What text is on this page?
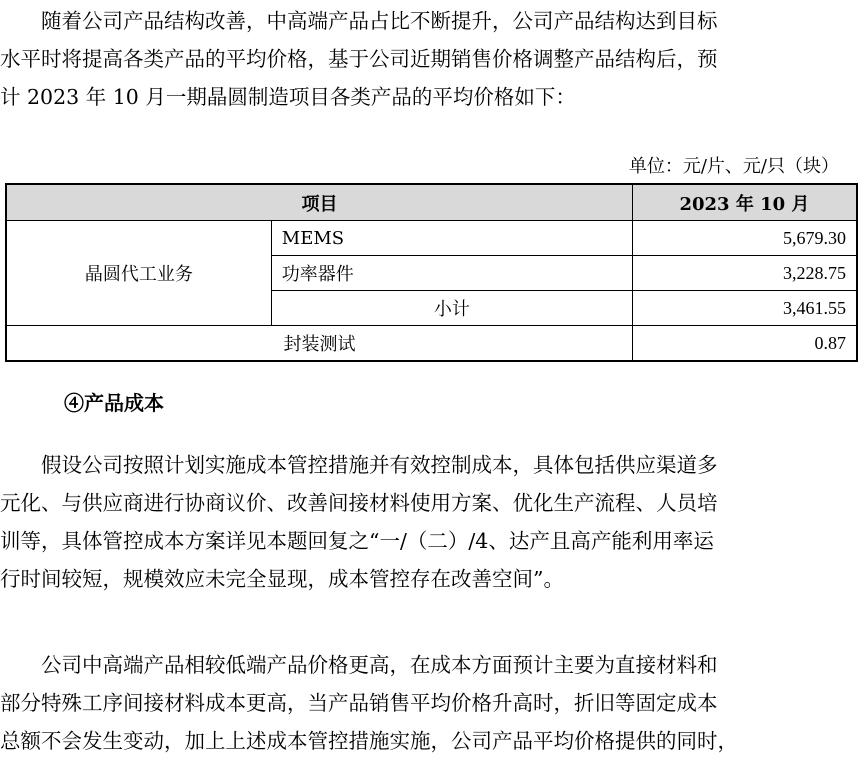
　　随着公司产品结构改善，中高端产品占比不断提升，公司产品结构达到目标
水平时将提高各类产品的平均价格，基于公司近期销售价格调整产品结构后，预
计 2023 年 10 月一期晶圆制造项目各类产品的平均价格如下：
单位：元/片、元/只（块）
项目		2023 年 10 月
晶圆代工业务	MEMS	5,679.30
	功率器件	3,228.75
	小计	3,461.55
封装测试		0.87
④产品成本
　　假设公司按照计划实施成本管控措施并有效控制成本，具体包括供应渠道多
元化、与供应商进行协商议价、改善间接材料使用方案、优化生产流程、人员培
训等，具体管控成本方案详见本题回复之“一/（二）/4、达产且高产能利用率运
行时间较短，规模效应未完全显现，成本管控存在改善空间”。
　　公司中高端产品相较低端产品价格更高，在成本方面预计主要为直接材料和
部分特殊工序间接材料成本更高，当产品销售平均价格升高时，折旧等固定成本
总额不会发生变动，加上上述成本管控措施实施，公司产品平均价格提供的同时，
